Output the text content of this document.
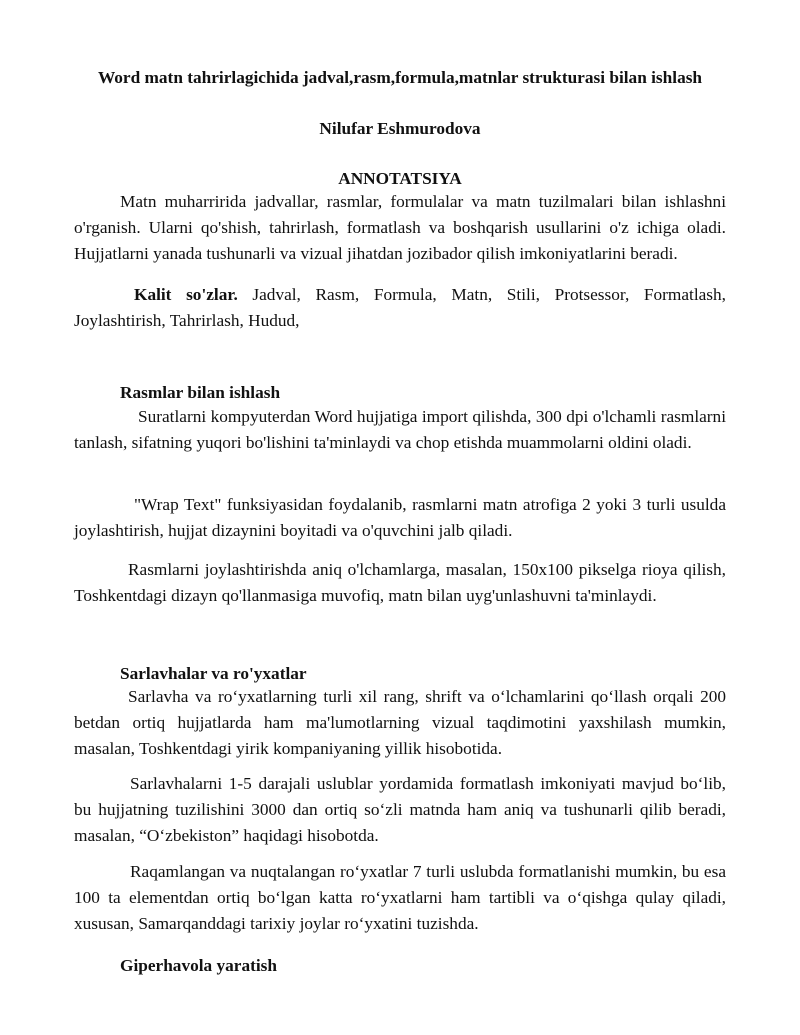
Word matn tahrirlagichida jadval,rasm,formula,matnlar strukturasi bilan ishlash

Nilufar Eshmurodova

ANNOTATSIYA

Matn muharririda jadvallar, rasmlar, formulalar va matn tuzilmalari bilan ishlashni o'rganish. Ularni qo'shish, tahrirlash, formatlash va boshqarish usullarini o'z ichiga oladi. Hujjatlarni yanada tushunarli va vizual jihatdan jozibador qilish imkoniyatlarini beradi.

Kalit so'zlar. Jadval, Rasm, Formula, Matn, Stili, Protsessor, Formatlash, Joylashtirish, Tahrirlash, Hudud,

Rasmlar bilan ishlash

Suratlarni kompyuterdan Word hujjatiga import qilishda, 300 dpi o'lchamli rasmlarni tanlash, sifatning yuqori bo'lishini ta'minlaydi va chop etishda muammolarni oldini oladi.

"Wrap Text" funksiyasidan foydalanib, rasmlarni matn atrofiga 2 yoki 3 turli usulda joylashtirish, hujjat dizaynini boyitadi va o'quvchini jalb qiladi.

Rasmlarni joylashtirishda aniq o'lchamlarga, masalan, 150x100 pikselga rioya qilish, Toshkentdagi dizayn qo'llanmasiga muvofiq, matn bilan uyg'unlashuvni ta'minlaydi.

Sarlavhalar va ro'yxatlar

Sarlavha va ro‘yxatlarning turli xil rang, shrift va o‘lchamlarini qo‘llash orqali 200 betdan ortiq hujjatlarda ham ma'lumotlarning vizual taqdimotini yaxshilash mumkin, masalan, Toshkentdagi yirik kompaniyaning yillik hisobotida.

Sarlavhalarni 1-5 darajali uslublar yordamida formatlash imkoniyati mavjud bo‘lib, bu hujjatning tuzilishini 3000 dan ortiq so‘zli matnda ham aniq va tushunarli qilib beradi, masalan, “O‘zbekiston” haqidagi hisobotda.

Raqamlangan va nuqtalangan ro‘yxatlar 7 turli uslubda formatlanishi mumkin, bu esa 100 ta elementdan ortiq bo‘lgan katta ro‘yxatlarni ham tartibli va o‘qishga qulay qiladi, xususan, Samarqanddagi tarixiy joylar ro‘yxatini tuzishda.

Giperhavola yaratish
